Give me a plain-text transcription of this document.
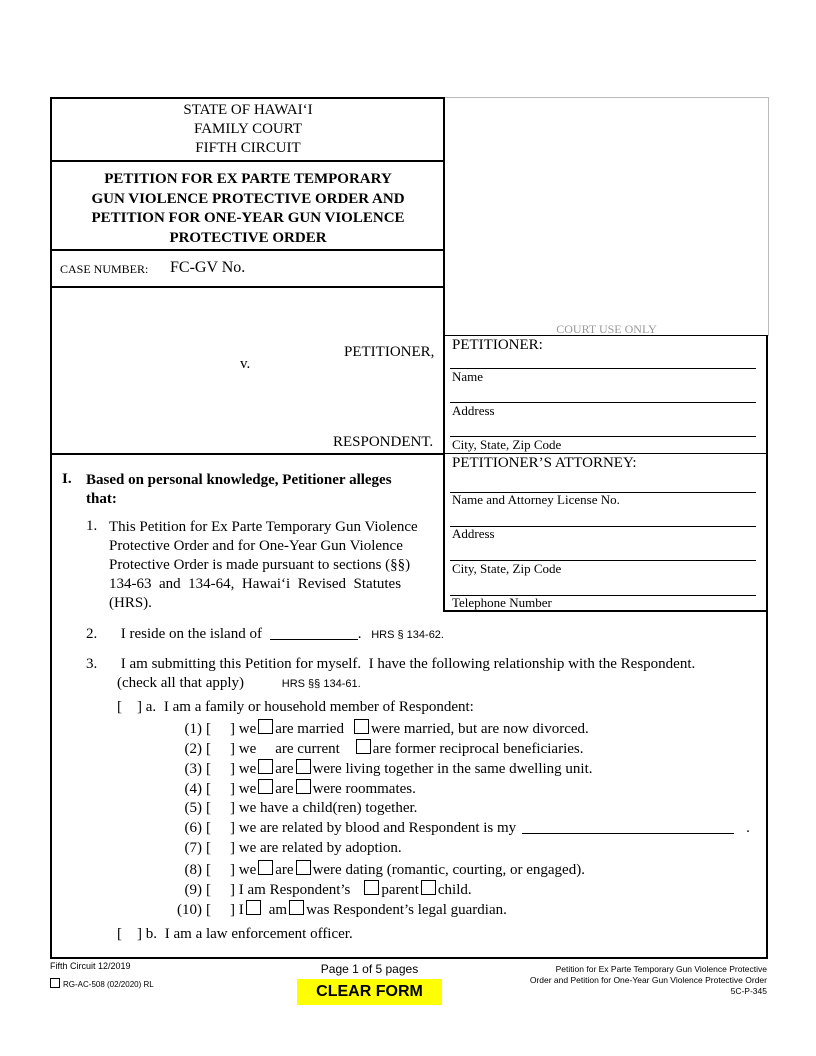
COURT USE ONLY
STATE OF HAWAI‘I
FAMILY COURT
FIFTH CIRCUIT
PETITION FOR EX PARTE TEMPORARY
GUN VIOLENCE PROTECTIVE ORDER AND
PETITION FOR ONE-YEAR GUN VIOLENCE
PROTECTIVE ORDER
CASE NUMBER: FC-GV No.
PETITIONER,
v.
RESPONDENT.
PETITIONER:
Name
Address
City, State, Zip Code
PETITIONER’S ATTORNEY:
Name and Attorney License No.
Address
City, State, Zip Code
Telephone Number
I. Based on personal knowledge, Petitioner alleges
that:
1. This Petition for Ex Parte Temporary Gun Violence
Protective Order and for One-Year Gun Violence
Protective Order is made pursuant to sections (§§)
134-63  and  134-64,  Hawai‘i  Revised  Statutes
(HRS).
2. I reside on the island of	. HRS § 134-62.
3. I am submitting this Petition for myself.  I have the following relationship with the Respondent.
(check all that apply)	HRS §§ 134-61.
[    ] a. I am a family or household member of Respondent:
(1) [ ] we are married were married, but are now divorced.
(2) [ ] we are current are former reciprocal beneficiaries.
(3) [ ] we are were living together in the same dwelling unit.
(4) [ ] we are were roommates.
(5) [ ] we have a child(ren) together.
(6) [ ] we are related by blood and Respondent is my	.
(7) [ ] we are related by adoption.
(8) [ ] we are were dating (romantic, courting, or engaged).
(9) [ ] I am Respondent’s parent child.
(10) [ ] I am was Respondent’s legal guardian.
[    ] b. I am a law enforcement officer.
Fifth Circuit 12/2019
RG-AC-508 (02/2020) RL
Page 1 of 5 pages
CLEAR FORM
Petition for Ex Parte Temporary Gun Violence Protective
Order and Petition for One-Year Gun Violence Protective Order
5C-P-345
